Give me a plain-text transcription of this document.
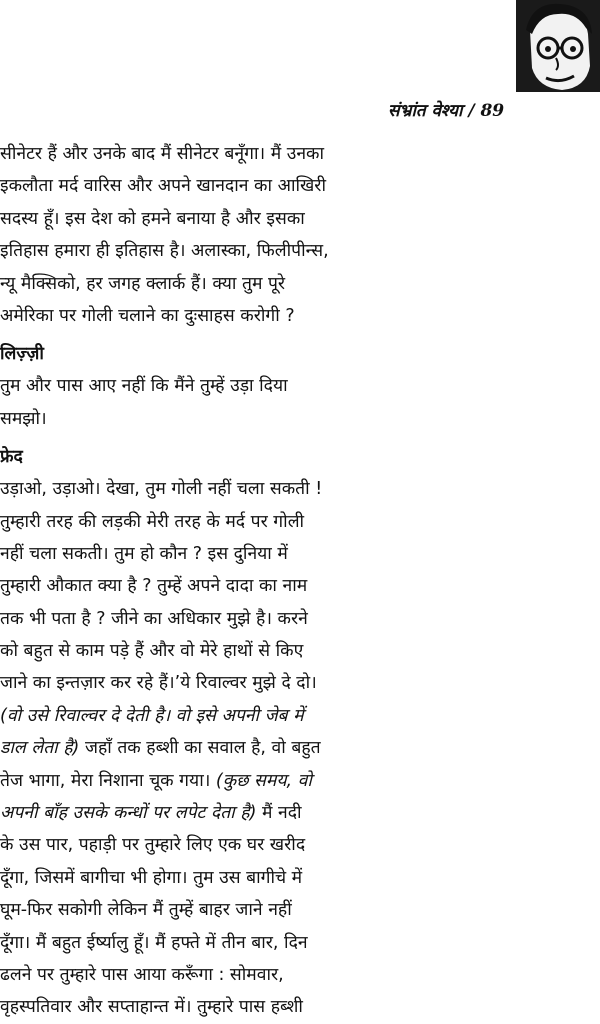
संभ्रांत वेश्या / 89
सीनेटर हैं और उनके बाद मैं सीनेटर बनूँगा। मैं उनका
इकलौता मर्द वारिस और अपने खानदान का आखिरी
सदस्य हूँ। इस देश को हमने बनाया है और इसका
इतिहास हमारा ही इतिहास है। अलास्का, फिलीपीन्स,
न्यू मैक्सिको, हर जगह क्लार्क हैं। क्या तुम पूरे
अमेरिका पर गोली चलाने का दुःसाहस करोगी ?
लिज़्ज़ी
तुम और पास आए नहीं कि मैंने तुम्हें उड़ा दिया
समझो।
फ्रेद
उड़ाओ, उड़ाओ। देखा, तुम गोली नहीं चला सकती !
तुम्हारी तरह की लड़की मेरी तरह के मर्द पर गोली
नहीं चला सकती। तुम हो कौन ? इस दुनिया में
तुम्हारी औकात क्या है ? तुम्हें अपने दादा का नाम
तक भी पता है ? जीने का अधिकार मुझे है। करने
को बहुत से काम पड़े हैं और वो मेरे हाथों से किए
जाने का इन्तज़ार कर रहे हैं।’ये रिवाल्वर मुझे दे दो।
(वो उसे रिवाल्वर दे देती है। वो इसे अपनी जेब में
डाल लेता है) जहाँ तक हब्शी का सवाल है, वो बहुत
तेज भागा, मेरा निशाना चूक गया। (कुछ समय, वो
अपनी बाँह उसके कन्धों पर लपेट देता है) मैं नदी
के उस पार, पहाड़ी पर तुम्हारे लिए एक घर खरीद
दूँगा, जिसमें बागीचा भी होगा। तुम उस बागीचे में
घूम-फिर सकोगी लेकिन मैं तुम्हें बाहर जाने नहीं
दूँगा। मैं बहुत ईर्ष्यालु हूँ। मैं हफ्ते में तीन बार, दिन
ढलने पर तुम्हारे पास आया करूँगा : सोमवार,
वृहस्पतिवार और सप्ताहान्त में। तुम्हारे पास हब्शी
